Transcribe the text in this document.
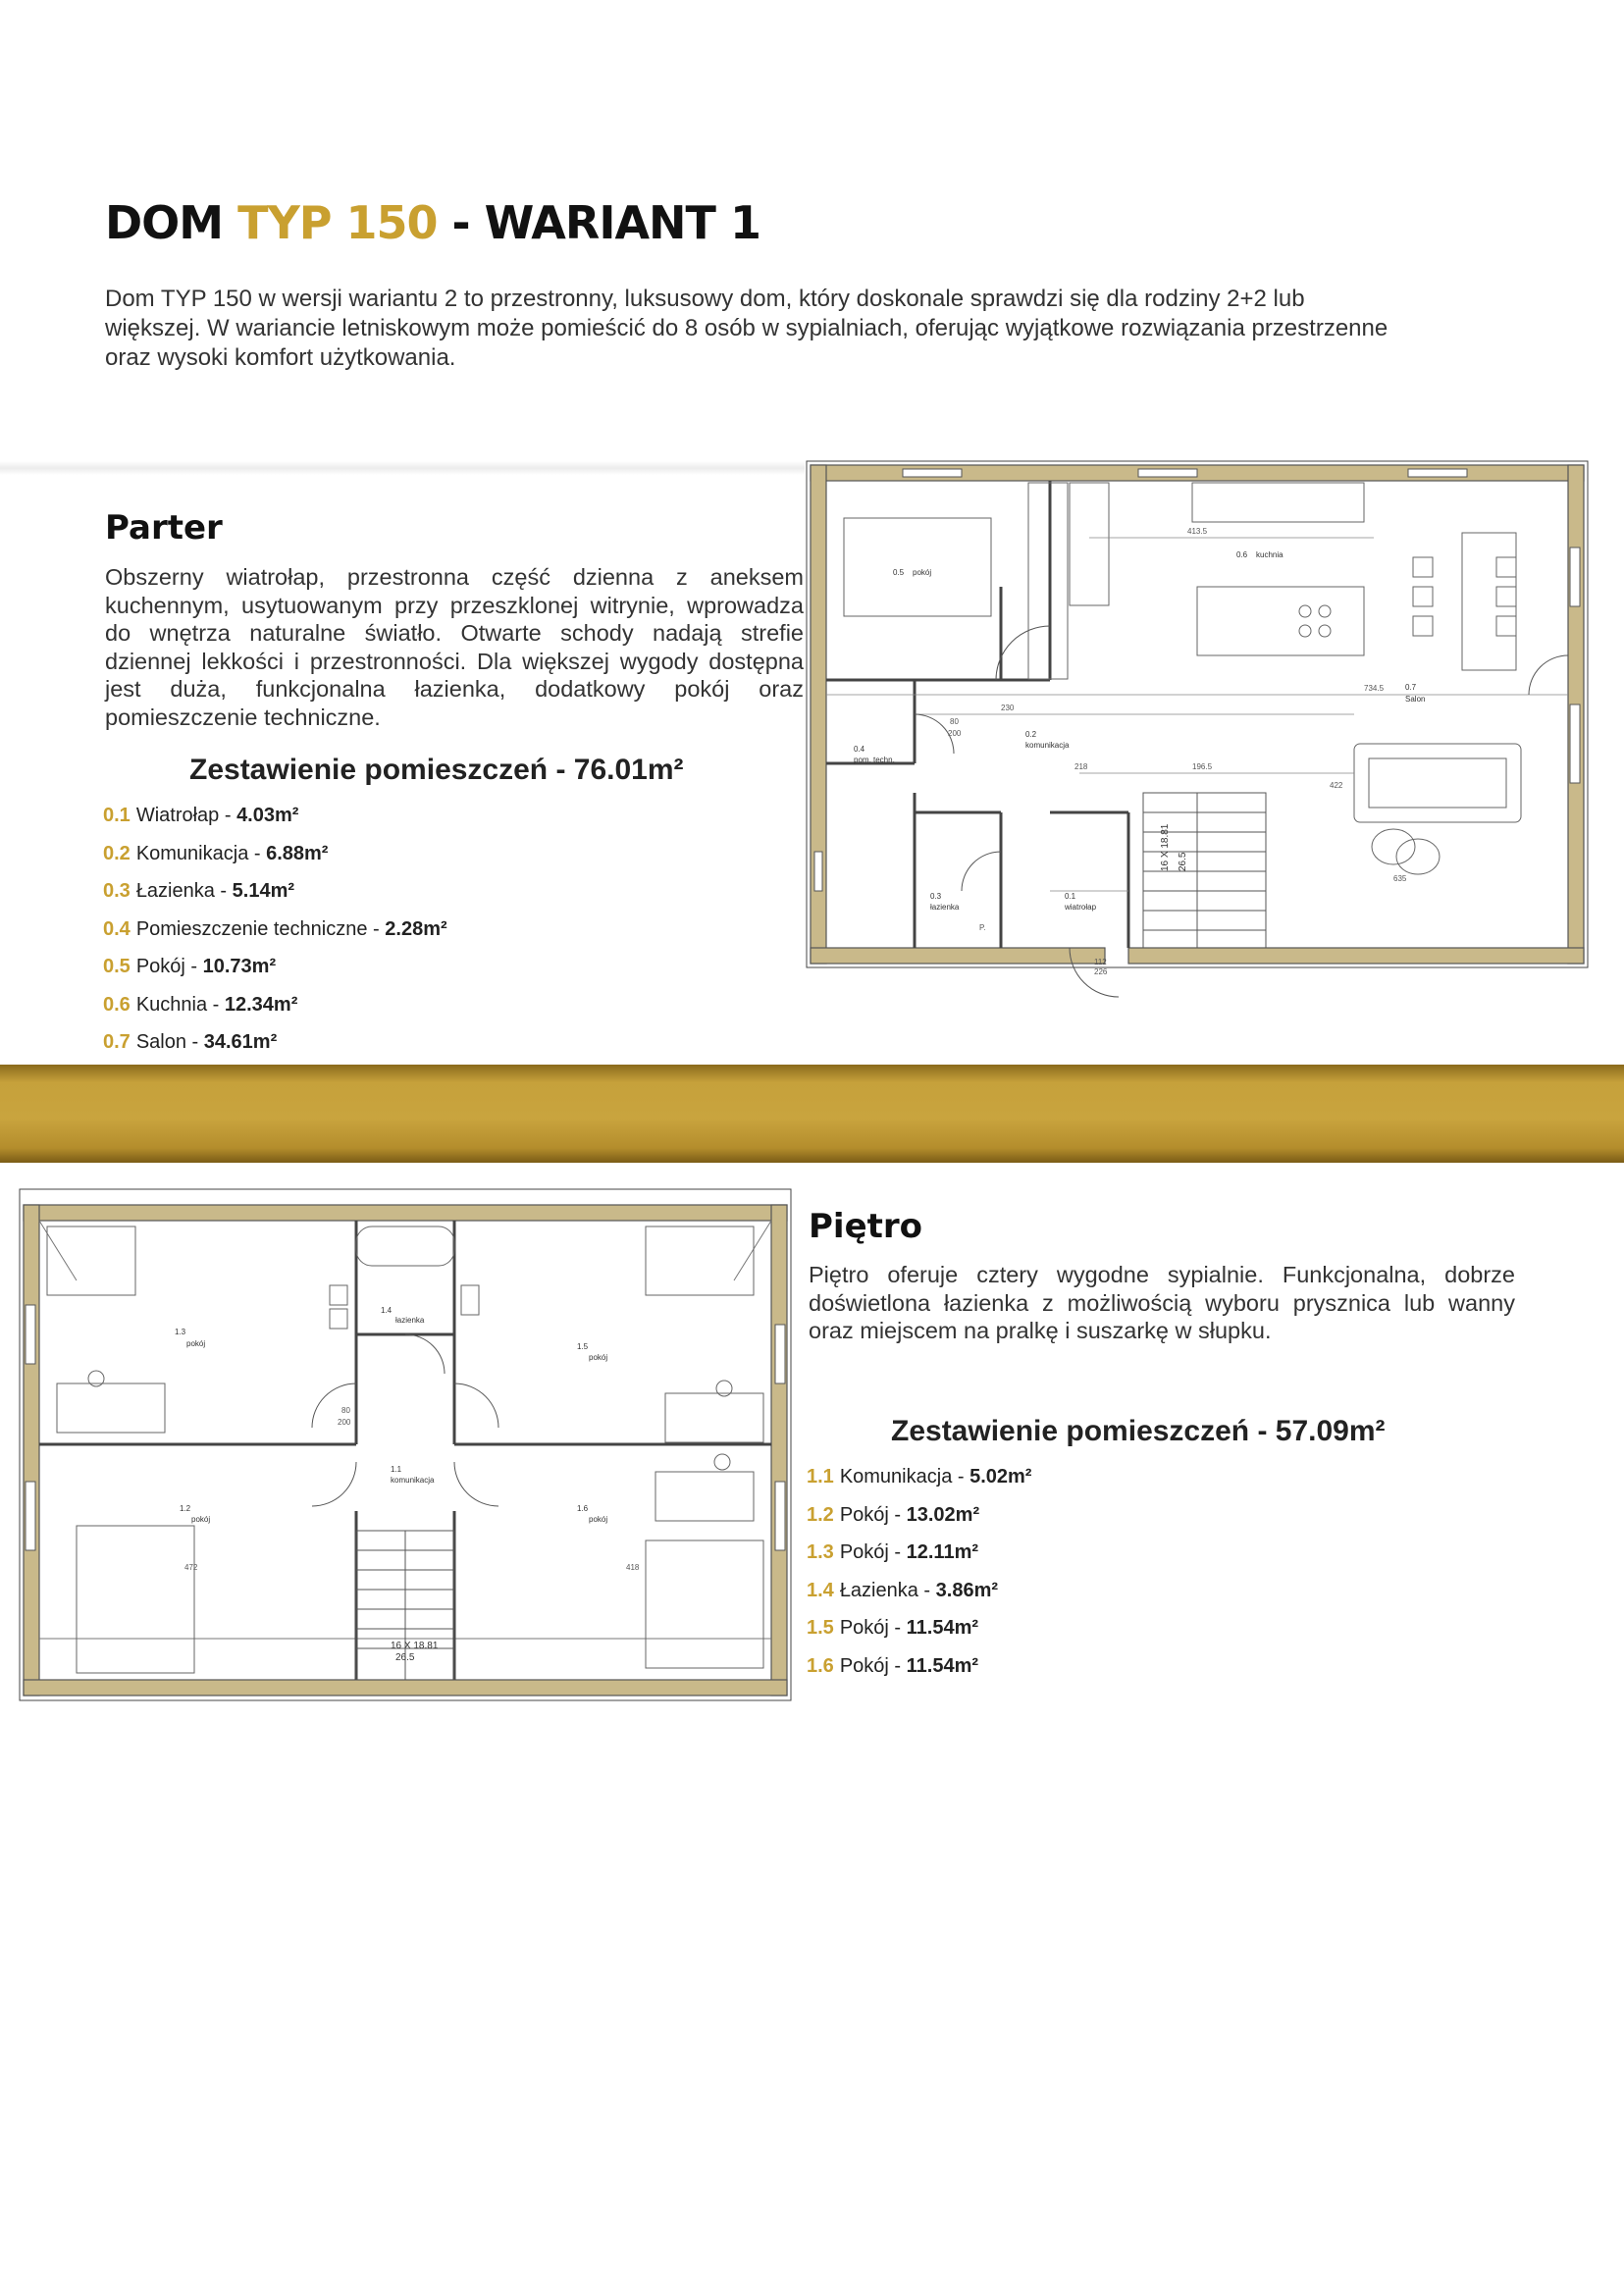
DOM TYP 150 - WARIANT 1
Dom TYP 150 w wersji wariantu 2 to przestronny, luksusowy dom, który doskonale sprawdzi się dla rodziny 2+2 lub większej. W wariancie letniskowym może pomieścić do 8 osób w sypialniach, oferując wyjątkowe rozwiązania przestrzenne oraz wysoki komfort użytkowania.
Parter
Obszerny wiatrołap, przestronna część dzienna z aneksem kuchennym, usytuowanym przy przeszklonej witrynie, wprowadza do wnętrza naturalne światło. Otwarte schody nadają strefie dziennej lekkości i przestronności. Dla większej wygody dostępna jest duża, funkcjonalna łazienka, dodatkowy pokój oraz pomieszczenie techniczne.
Zestawienie pomieszczeń - 76.01m²
0.1 Wiatrołap - 4.03m²
0.2 Komunikacja - 6.88m²
0.3 Łazienka - 5.14m²
0.4 Pomieszczenie techniczne - 2.28m²
0.5 Pokój - 10.73m²
0.6 Kuchnia - 12.34m²
0.7 Salon - 34.61m²
0.5 pokój
0.6 kuchnia
0.7
Salon
0.2
komunikacja
0.4
pom. techn.
0.3
łazienka
0.1
wiatrołap
16 X 18.81 26.5
734.5
422
635
413.5
230
218	196.5
80
200
112
226
P.
1.3
pokój
1.4
łazienka
1.5
pokój
1.2
pokój
1.1
komunikacja
1.6
pokój
16 X 18.81
26.5
472	418
80
200
Piętro
Piętro oferuje cztery wygodne sypialnie. Funkcjonalna, dobrze doświetlona łazienka z możliwością wyboru prysznica lub wanny oraz miejscem na pralkę i suszarkę w słupku.
Zestawienie pomieszczeń - 57.09m²
1.1 Komunikacja - 5.02m²
1.2 Pokój - 13.02m²
1.3 Pokój - 12.11m²
1.4 Łazienka - 3.86m²
1.5 Pokój - 11.54m²
1.6 Pokój - 11.54m²
